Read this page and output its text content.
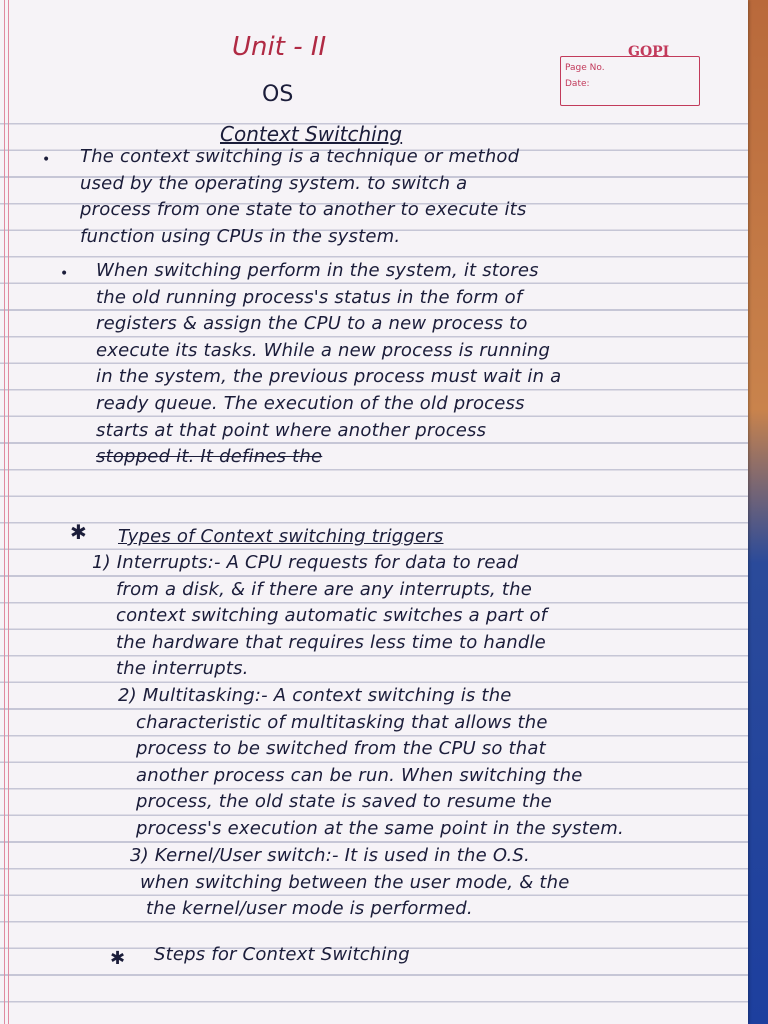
Unit - II
OS
GOPI
Page No.
Date:
Context Switching
• The context switching is a technique or method
used by the operating system. to switch a
process from one state to another to execute its
function using CPUs in the system.
• When switching perform in the system, it stores
the old running process's status in the form of
registers & assign the CPU to a new process to
execute its tasks. While a new process is running
in the system, the previous process must wait in a
ready queue. The execution of the old process
starts at that point where another process
stopped it. It defines the
✱ Types of Context switching triggers
1) Interrupts:- A CPU requests for data to read
from a disk, & if there are any interrupts, the
context switching automatic switches a part of
the hardware that requires less time to handle
the interrupts.
2) Multitasking:- A context switching is the
characteristic of multitasking that allows the
process to be switched from the CPU so that
another process can be run. When switching the
process, the old state is saved to resume the
process's execution at the same point in the system.
3) Kernel/User switch:- It is used in the O.S.
when switching between the user mode, & the
the kernel/user mode is performed.
✱ Steps for Context Switching
